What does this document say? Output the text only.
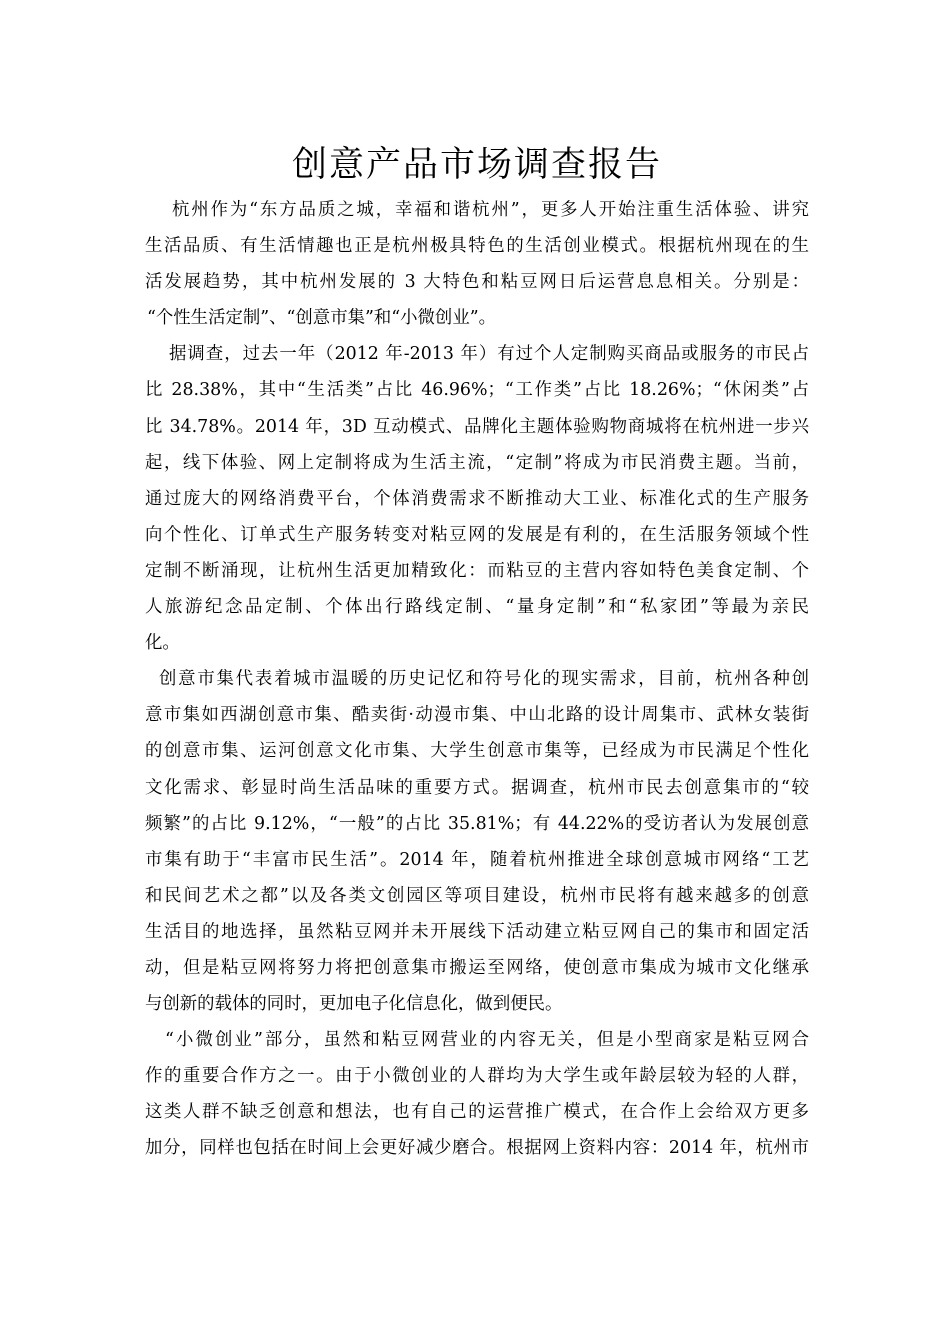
创意产品市场调查报告
杭州作为“东方品质之城，幸福和谐杭州”，更多人开始注重生活体验、讲究
生活品质、有生活情趣也正是杭州极具特色的生活创业模式。根据杭州现在的生
活发展趋势，其中杭州发展的 3 大特色和粘豆网日后运营息息相关。分别是：
“个性生活定制”、“创意市集”和“小微创业”。
据调查，过去一年（2012 年-2013 年）有过个人定制购买商品或服务的市民占
比 28.38%，其中“生活类”占比 46.96%；“工作类”占比 18.26%；“休闲类”占
比 34.78%。2014 年，3D 互动模式、品牌化主题体验购物商城将在杭州进一步兴
起，线下体验、网上定制将成为生活主流，“定制”将成为市民消费主题。当前，
通过庞大的网络消费平台，个体消费需求不断推动大工业、标准化式的生产服务
向个性化、订单式生产服务转变对粘豆网的发展是有利的，在生活服务领域个性
定制不断涌现，让杭州生活更加精致化：而粘豆的主营内容如特色美食定制、个
人旅游纪念品定制、个体出行路线定制、“量身定制”和“私家团”等最为亲民
化。
创意市集代表着城市温暖的历史记忆和符号化的现实需求，目前，杭州各种创
意市集如西湖创意市集、酷卖街·动漫市集、中山北路的设计周集市、武林女装街
的创意市集、运河创意文化市集、大学生创意市集等，已经成为市民满足个性化
文化需求、彰显时尚生活品味的重要方式。据调查，杭州市民去创意集市的“较
频繁”的占比 9.12%，“一般”的占比 35.81%；有 44.22%的受访者认为发展创意
市集有助于“丰富市民生活”。2014 年，随着杭州推进全球创意城市网络“工艺
和民间艺术之都”以及各类文创园区等项目建设，杭州市民将有越来越多的创意
生活目的地选择，虽然粘豆网并未开展线下活动建立粘豆网自己的集市和固定活
动，但是粘豆网将努力将把创意集市搬运至网络，使创意市集成为城市文化继承
与创新的载体的同时，更加电子化信息化，做到便民。
“小微创业”部分，虽然和粘豆网营业的内容无关，但是小型商家是粘豆网合
作的重要合作方之一。由于小微创业的人群均为大学生或年龄层较为轻的人群，
这类人群不缺乏创意和想法，也有自己的运营推广模式，在合作上会给双方更多
加分，同样也包括在时间上会更好减少磨合。根据网上资料内容：2014 年，杭州市
